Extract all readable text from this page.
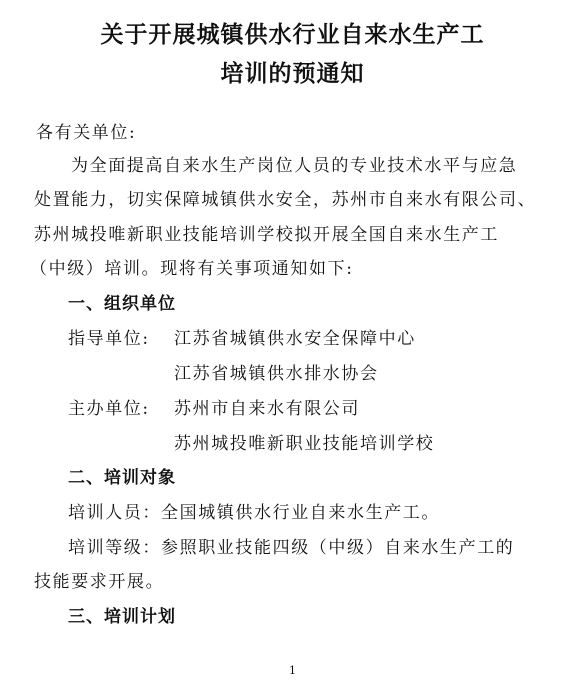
关于开展城镇供水行业自来水生产工
培训的预通知
各有关单位:
为全面提高自来水生产岗位人员的专业技术水平与应急
处置能力，切实保障城镇供水安全，苏州市自来水有限公司、
苏州城投唯新职业技能培训学校拟开展全国自来水生产工
（中级）培训。现将有关事项通知如下:
一、组织单位
指导单位: 江苏省城镇供水安全保障中心
江苏省城镇供水排水协会
主办单位: 苏州市自来水有限公司
苏州城投唯新职业技能培训学校
二、培训对象
培训人员：全国城镇供水行业自来水生产工。
培训等级：参照职业技能四级（中级）自来水生产工的
技能要求开展。
三、培训计划
1
